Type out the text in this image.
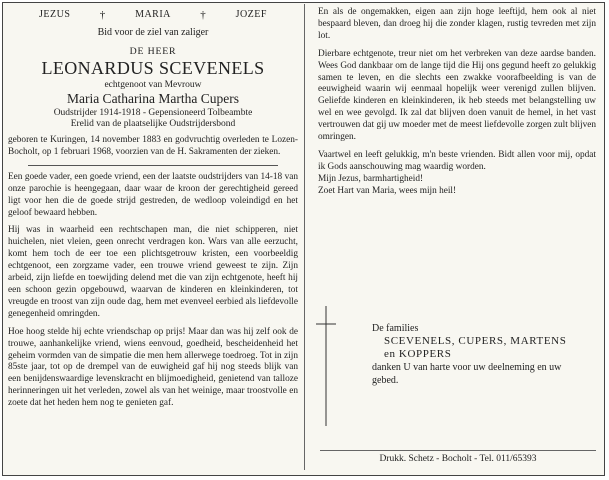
JEZUS	†	MARIA	†	JOZEF
Bid voor de ziel van zaliger
DE HEER
LEONARDUS SCEVENELS
echtgenoot van Mevrouw
Maria Catharina Martha Cupers
Oudstrijder 1914-1918 - Gepensioneerd Tolbeambte
Erelid van de plaatselijke Oudstrijdersbond

geboren te Kuringen, 14 november 1883 en godvruchtig overleden te Lozen-Bocholt, op 1 februari 1968, voorzien van de H. Sakramenten der zieken.

Een goede vader, een goede vriend, een der laatste oudstrijders van 14-18 van onze parochie is heengegaan, daar waar de kroon der gerechtigheid gereed ligt voor hen die de goede strijd gestreden, de wedloop voleindigd en het geloof bewaard hebben.

Hij was in waarheid een rechtschapen man, die niet schipperen, niet huichelen, niet vleien, geen onrecht verdragen kon. Wars van alle eerzucht, komt hem toch de eer toe een plichtsgetrouw kristen, een voorbeeldig echtgenoot, een zorgzame vader, een trouwe vriend geweest te zijn. Zijn arbeid, zijn liefde en toewijding delend met die van zijn echtgenote, heeft hij een schoon gezin opgebouwd, waarvan de kinderen en kleinkinderen, tot vreugde en troost van zijn oude dag, hem met evenveel eerbied als liefdevolle genegenheid omringden.

Hoe hoog stelde hij echte vriendschap op prijs! Maar dan was hij zelf ook de trouwe, aanhankelijke vriend, wiens eenvoud, goedheid, bescheidenheid het geheim vormden van de simpatie die men hem allerwege toedroeg. Tot in zijn 85ste jaar, tot op de drempel van de euwigheid gaf hij nog steeds blijk van een benijdenswaardige levenskracht en blijmoedigheid, genietend van talloze herinneringen uit het verleden, zowel als van het weinige, maar troostvolle en zoete dat het heden hem nog te genieten gaf.

En als de ongemakken, eigen aan zijn hoge leeftijd, hem ook al niet bespaard bleven, dan droeg hij die zonder klagen, rustig tevreden met zijn lot.

Dierbare echtgenote, treur niet om het verbreken van deze aardse banden. Wees God dankbaar om de lange tijd die Hij ons gegund heeft zo gelukkig samen te leven, en die slechts een zwakke voorafbeelding is van de eeuwigheid waarin wij eenmaal hopelijk weer verenigd zullen blijven. Geliefde kinderen en kleinkinderen, ik heb steeds met belangstelling uw wel en wee gevolgd. Ik zal dat blijven doen vanuit de hemel, in het vast vertrouwen dat gij uw moeder met de meest liefdevolle zorgen zult blijven omringen.

Vaartwel en leeft gelukkig, m'n beste vrienden. Bidt allen voor mij, opdat ik Gods aanschouwing mag waardig worden.

Mijn Jezus, barmhartigheid!

Zoet Hart van Maria, wees mijn heil!

De families
SCEVENELS, CUPERS, MARTENS
en KOPPERS
danken U van harte voor uw deelneming en uw gebed.
Drukk. Schetz - Bocholt - Tel. 011/65393
